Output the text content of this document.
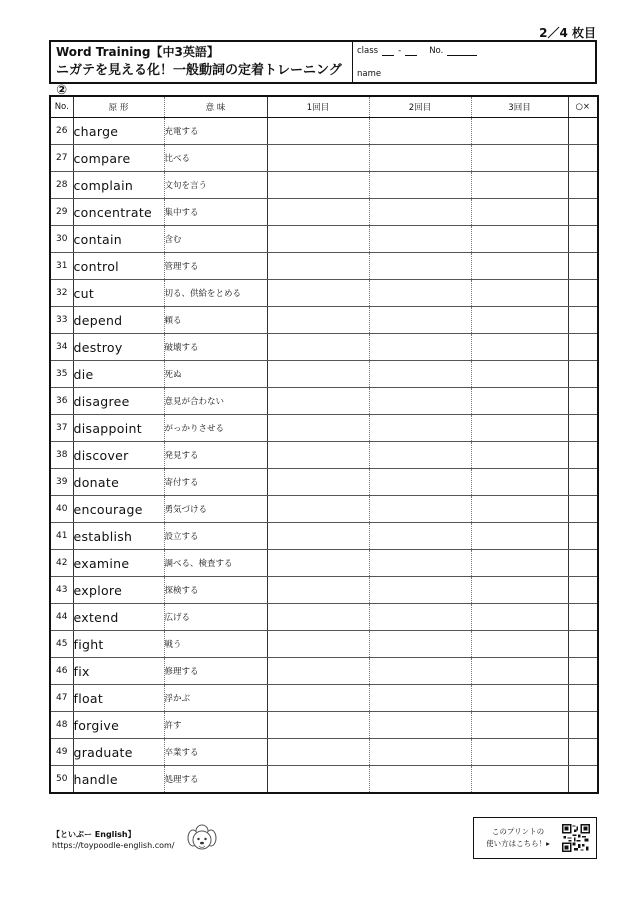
2／4 枚目
Word Training【中3英語】
ニガテを見える化！一般動詞の定着トレーニング②
class -	No.
name
No.	原 形	意 味	1回目	2回目	3回目	○×
26	charge	充電する				
27	compare	比べる				
28	complain	文句を言う				
29	concentrate	集中する				
30	contain	含む				
31	control	管理する				
32	cut	切る、供給をとめる				
33	depend	頼る				
34	destroy	破壊する				
35	die	死ぬ				
36	disagree	意見が合わない				
37	disappoint	がっかりさせる				
38	discover	発見する				
39	donate	寄付する				
40	encourage	勇気づける				
41	establish	設立する				
42	examine	調べる、検査する				
43	explore	探検する				
44	extend	広げる				
45	fight	戦う				
46	fix	修理する				
47	float	浮かぶ				
48	forgive	許す				
49	graduate	卒業する				
50	handle	処理する				
【といぷー English】
https://toypoodle-english.com/
このプリントの
使い方はこちら！▸
